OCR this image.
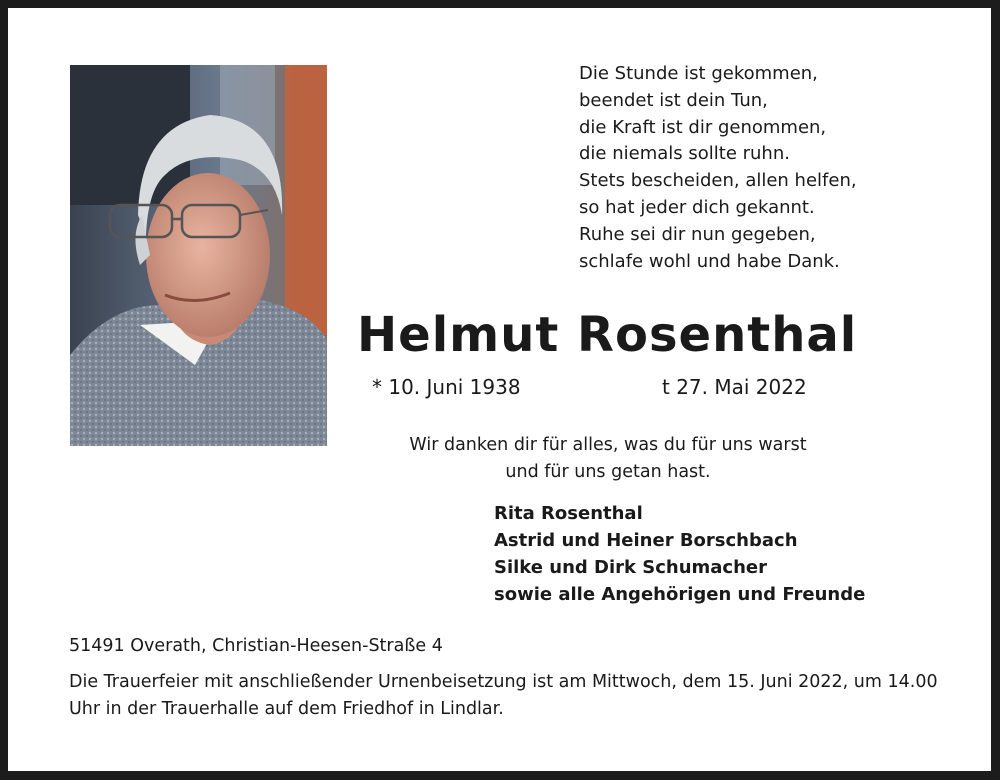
Die Stunde ist gekommen,
beendet ist dein Tun,
die Kraft ist dir genommen,
die niemals sollte ruhn.
Stets bescheiden, allen helfen,
so hat jeder dich gekannt.
Ruhe sei dir nun gegeben,
schlafe wohl und habe Dank.
Helmut Rosenthal
* 10. Juni 1938	t 27. Mai 2022
Wir danken dir für alles, was du für uns warst
und für uns getan hast.
Rita Rosenthal
Astrid und Heiner Borschbach
Silke und Dirk Schumacher
sowie alle Angehörigen und Freunde
51491 Overath, Christian-Heesen-Straße 4
Die Trauerfeier mit anschließender Urnenbeisetzung ist am Mittwoch, dem 15. Juni 2022, um 14.00 Uhr in der Trauerhalle auf dem Friedhof in Lindlar.
